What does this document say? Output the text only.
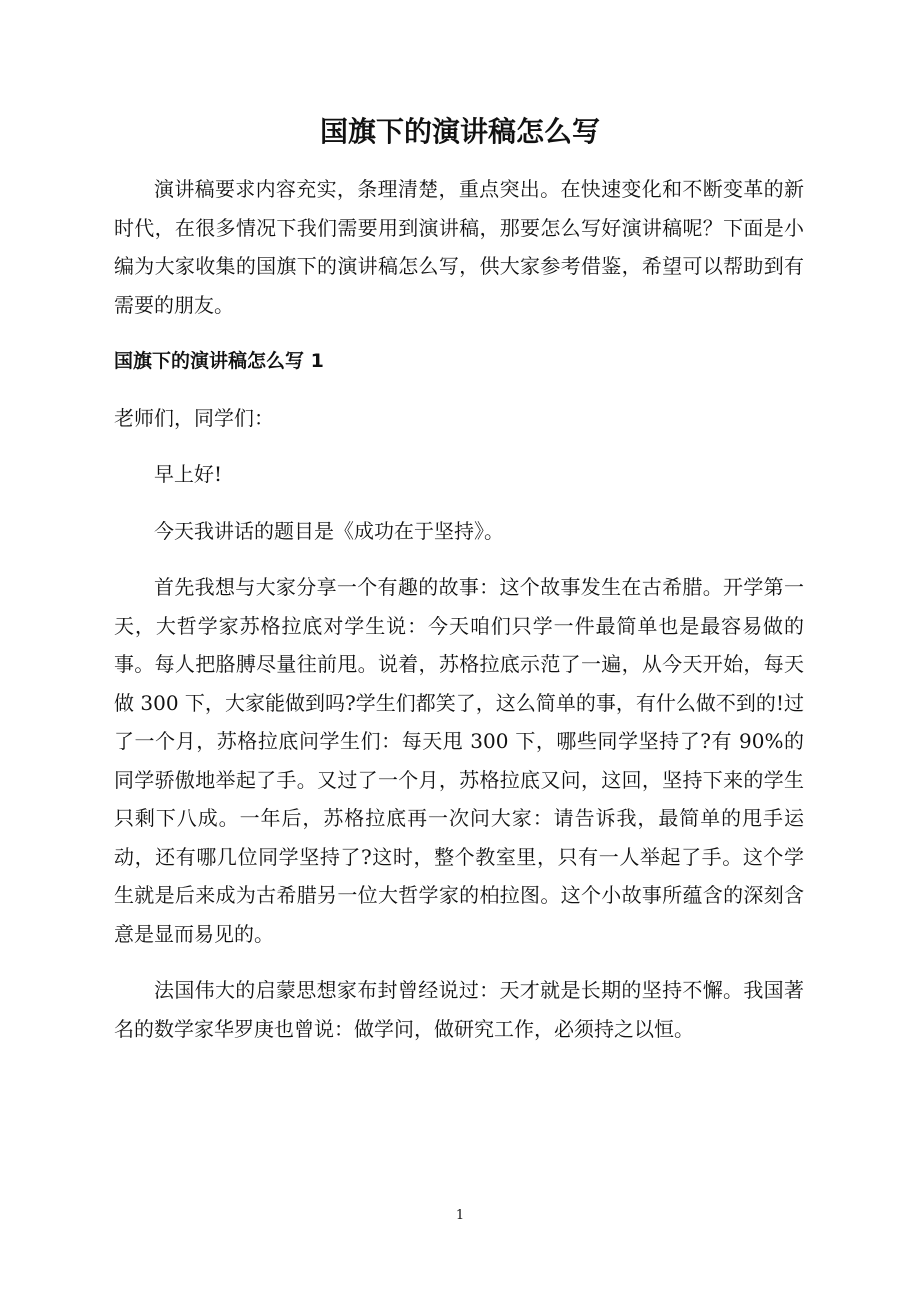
国旗下的演讲稿怎么写

演讲稿要求内容充实，条理清楚，重点突出。在快速变化和不断变革的新时代，在很多情况下我们需要用到演讲稿，那要怎么写好演讲稿呢？下面是小编为大家收集的国旗下的演讲稿怎么写，供大家参考借鉴，希望可以帮助到有需要的朋友。

国旗下的演讲稿怎么写 1

老师们，同学们：

早上好!

今天我讲话的题目是《成功在于坚持》。

首先我想与大家分享一个有趣的故事：这个故事发生在古希腊。开学第一天，大哲学家苏格拉底对学生说：今天咱们只学一件最简单也是最容易做的事。每人把胳膊尽量往前甩。说着，苏格拉底示范了一遍，从今天开始，每天做 300 下，大家能做到吗?学生们都笑了，这么简单的事，有什么做不到的!过了一个月，苏格拉底问学生们：每天甩 300 下，哪些同学坚持了?有 90%的同学骄傲地举起了手。又过了一个月，苏格拉底又问，这回，坚持下来的学生只剩下八成。一年后，苏格拉底再一次问大家：请告诉我，最简单的甩手运动，还有哪几位同学坚持了?这时，整个教室里，只有一人举起了手。这个学生就是后来成为古希腊另一位大哲学家的柏拉图。这个小故事所蕴含的深刻含意是显而易见的。

法国伟大的启蒙思想家布封曾经说过：天才就是长期的坚持不懈。我国著名的数学家华罗庚也曾说：做学问，做研究工作，必须持之以恒。

1
